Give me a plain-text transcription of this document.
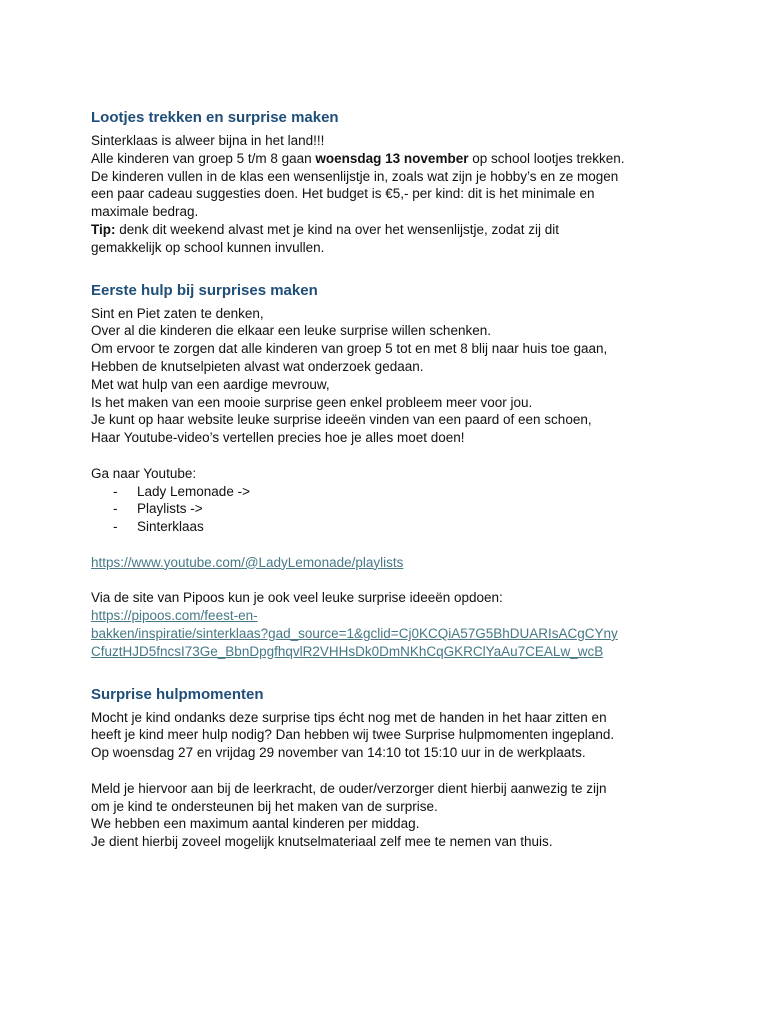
Lootjes trekken en surprise maken

Sinterklaas is alweer bijna in het land!!!

Alle kinderen van groep 5 t/m 8 gaan woensdag 13 november op school lootjes trekken.

De kinderen vullen in de klas een wensenlijstje in, zoals wat zijn je hobby’s en ze mogen

een paar cadeau suggesties doen. Het budget is €5,- per kind: dit is het minimale en

maximale bedrag.

Tip: denk dit weekend alvast met je kind na over het wensenlijstje, zodat zij dit

gemakkelijk op school kunnen invullen.

Eerste hulp bij surprises maken

Sint en Piet zaten te denken,

Over al die kinderen die elkaar een leuke surprise willen schenken.

Om ervoor te zorgen dat alle kinderen van groep 5 tot en met 8 blij naar huis toe gaan,

Hebben de knutselpieten alvast wat onderzoek gedaan.

Met wat hulp van een aardige mevrouw,

Is het maken van een mooie surprise geen enkel probleem meer voor jou.

Je kunt op haar website leuke surprise ideeën vinden van een paard of een schoen,

Haar Youtube-video’s vertellen precies hoe je alles moet doen!

Ga naar Youtube:

- Lady Lemonade ->
- Playlists ->
- Sinterklaas
https://www.youtube.com/@LadyLemonade/playlists

Via de site van Pipoos kun je ook veel leuke surprise ideeën opdoen:

https://pipoos.com/feest-en-
bakken/inspiratie/sinterklaas?gad_source=1&gclid=Cj0KCQiA57G5BhDUARIsACgCYny
CfuztHJD5fncsI73Ge_BbnDpgfhqvlR2VHHsDk0DmNKhCqGKRClYaAu7CEALw_wcB
Surprise hulpmomenten

Mocht je kind ondanks deze surprise tips écht nog met de handen in het haar zitten en

heeft je kind meer hulp nodig? Dan hebben wij twee Surprise hulpmomenten ingepland.

Op woensdag 27 en vrijdag 29 november van 14:10 tot 15:10 uur in de werkplaats.

Meld je hiervoor aan bij de leerkracht, de ouder/verzorger dient hierbij aanwezig te zijn

om je kind te ondersteunen bij het maken van de surprise.

We hebben een maximum aantal kinderen per middag.

Je dient hierbij zoveel mogelijk knutselmateriaal zelf mee te nemen van thuis.
